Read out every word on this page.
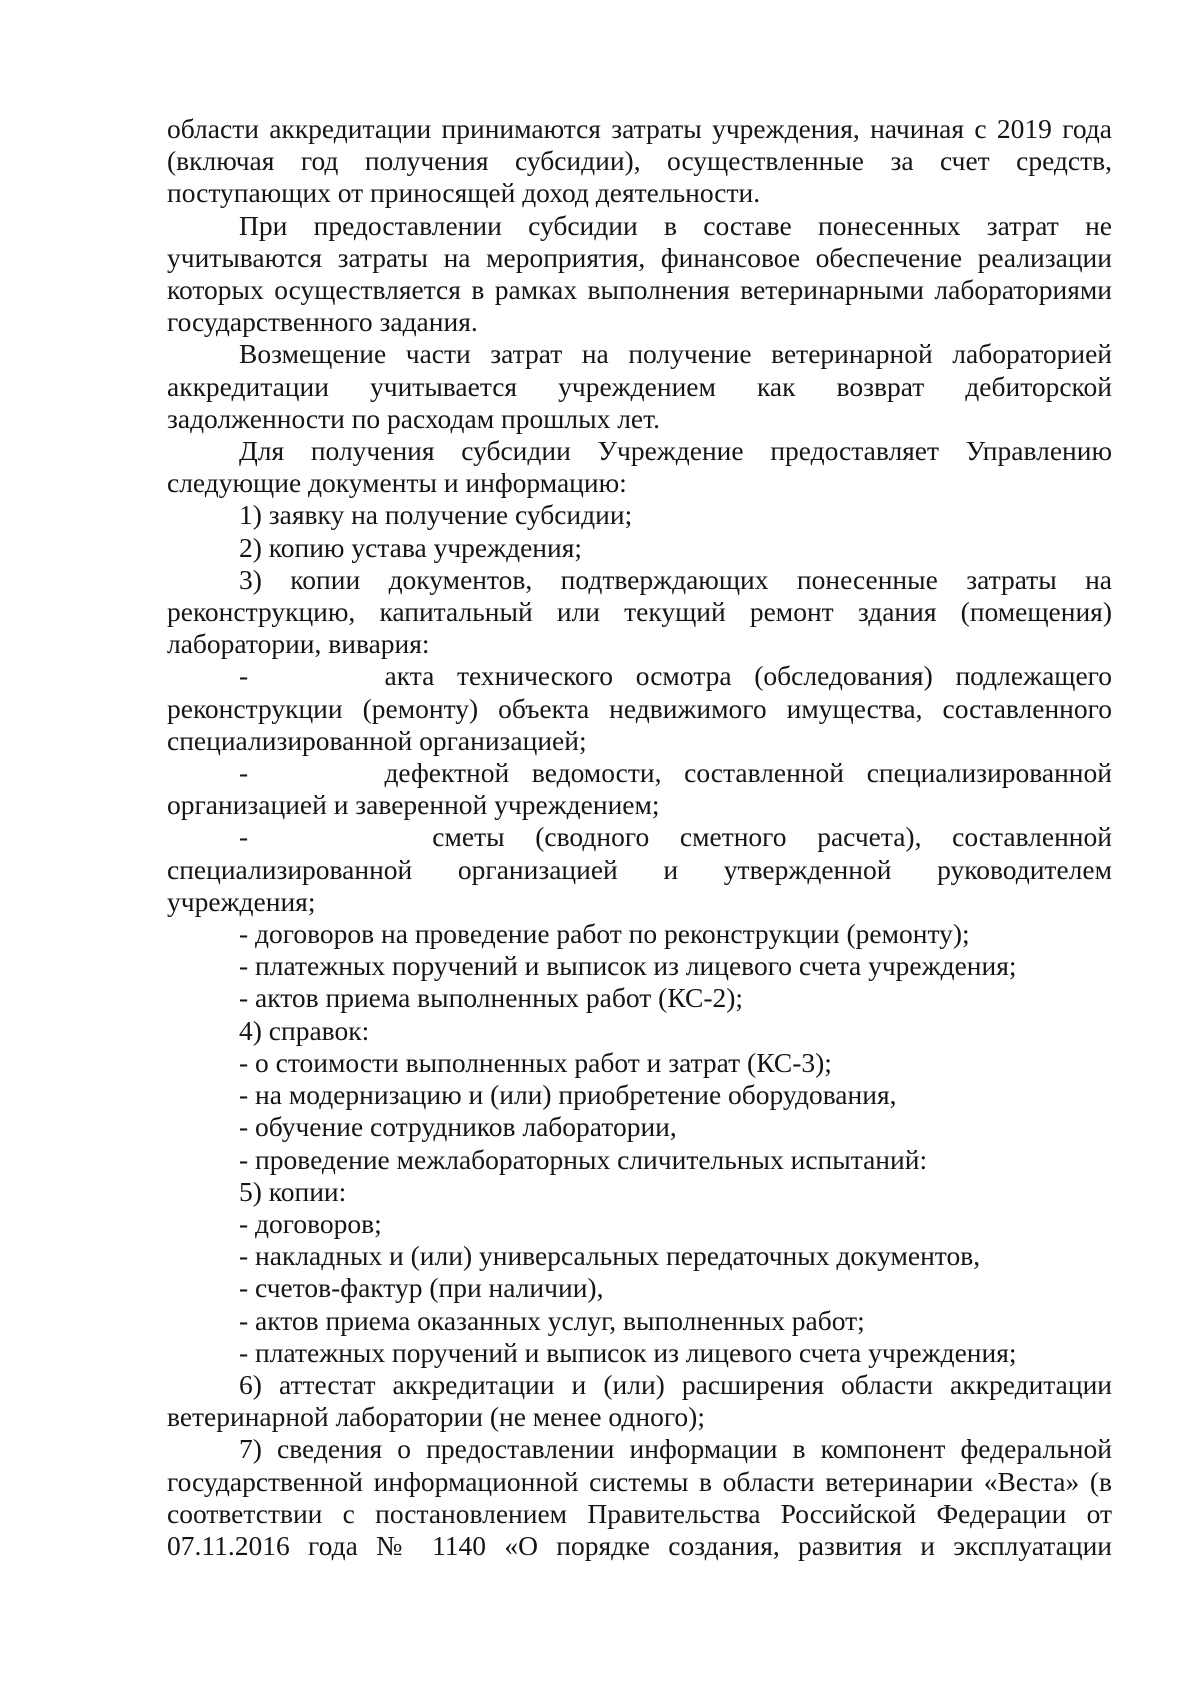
области аккредитации принимаются затраты учреждения, начиная с 2019 года (включая год получения субсидии), осуществленные за счет средств, поступающих от приносящей доход деятельности.

При предоставлении субсидии в составе понесенных затрат не учитываются затраты на мероприятия, финансовое обеспечение реализации которых осуществляется в рамках выполнения ветеринарными лабораториями государственного задания.

Возмещение части затрат на получение ветеринарной лабораторией аккредитации учитывается учреждением как возврат дебиторской задолженности по расходам прошлых лет.

Для получения субсидии Учреждение предоставляет Управлению следующие документы и информацию:

1) заявку на получение субсидии;

2) копию устава учреждения;

3) копии документов, подтверждающих понесенные затраты на реконструкцию, капитальный или текущий ремонт здания (помещения) лаборатории, вивария:

-      акта технического осмотра (обследования) подлежащего реконструкции (ремонту) объекта недвижимого имущества, составленного специализированной организацией;

-      дефектной ведомости, составленной специализированной организацией и заверенной учреждением;

-      сметы (сводного сметного расчета), составленной специализированной организацией и утвержденной руководителем учреждения;

- договоров на проведение работ по реконструкции (ремонту);

- платежных поручений и выписок из лицевого счета учреждения;

- актов приема выполненных работ (КС-2);

4) справок:

- о стоимости выполненных работ и затрат (КС-3);

- на модернизацию и (или) приобретение оборудования,

- обучение сотрудников лаборатории,

- проведение межлабораторных сличительных испытаний:

5) копии:

- договоров;

- накладных и (или) универсальных передаточных документов,

- счетов-фактур (при наличии),

- актов приема оказанных услуг, выполненных работ;

- платежных поручений и выписок из лицевого счета учреждения;

6) аттестат аккредитации и (или) расширения области аккредитации ветеринарной лаборатории (не менее одного);

7) сведения о предоставлении информации в компонент федеральной государственной информационной системы в области ветеринарии «Веста» (в соответствии с постановлением Правительства Российской Федерации от 07.11.2016 года № 1140 «О порядке создания, развития и эксплуатации
